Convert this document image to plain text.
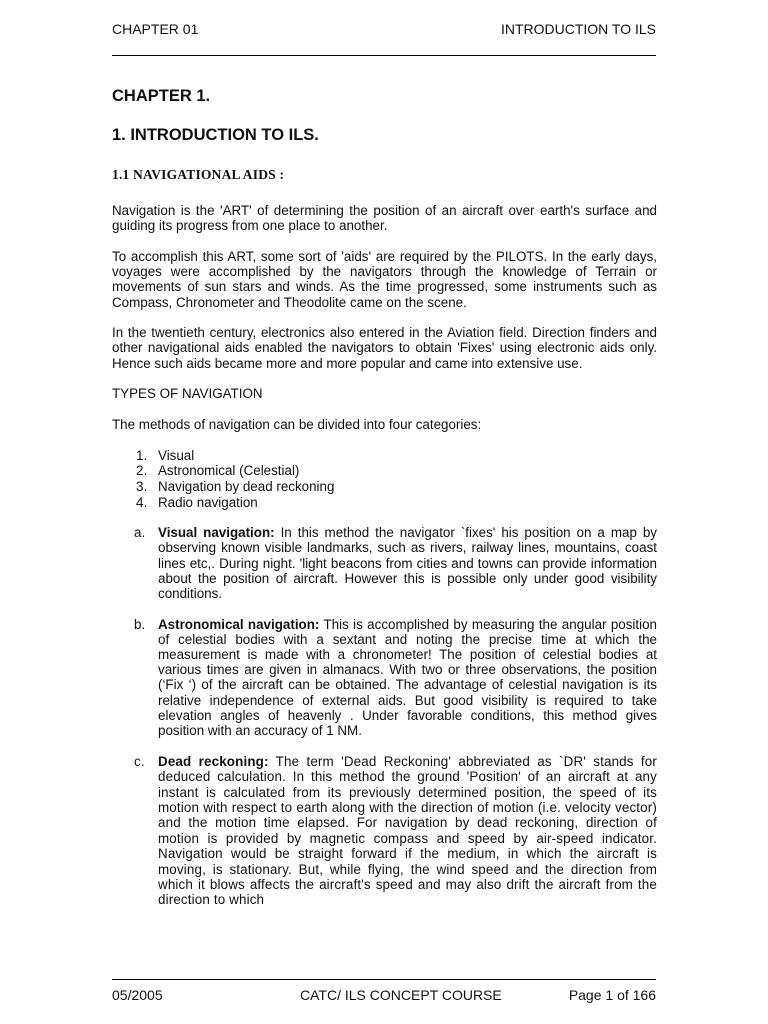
CHAPTER 01	INTRODUCTION TO ILS
CHAPTER 1.
1. INTRODUCTION TO ILS.
1.1 NAVIGATIONAL AIDS :

Navigation is the 'ART' of determining the position of an aircraft over earth's surface and guiding its progress from one place to another.

To accomplish this ART, some sort of 'aids' are required by the PILOTS. In the early days, voyages were accomplished by the navigators through the knowledge of Terrain or movements of sun stars and winds. As the time progressed, some instruments such as Compass, Chronometer and Theodolite came on the scene.

In the twentieth century, electronics also entered in the Aviation field. Direction finders and other navigational aids enabled the navigators to obtain 'Fixes' using electronic aids only. Hence such aids became more and more popular and came into extensive use.

TYPES OF NAVIGATION

The methods of navigation can be divided into four categories:

1. Visual
2. Astronomical (Celestial)
3. Navigation by dead reckoning
4. Radio navigation
a. Visual navigation: In this method the navigator `fixes' his position on a map by observing known visible landmarks, such as rivers, railway lines, mountains, coast lines etc,. During night. 'light beacons from cities and towns can provide information about the position of aircraft. However this is possible only under good visibility conditions.
b. Astronomical navigation: This is accomplished by measuring the angular position of celestial bodies with a sextant and noting the precise time at which the measurement is made with a chronometer! The position of celestial bodies at various times are given in almanacs. With two or three observations, the position (‘Fix ‘) of the aircraft can be obtained. The advantage of celestial navigation is its relative independence of external aids. But good visibility is required to take elevation angles of heavenly . Under favorable conditions, this method gives position with an accuracy of 1 NM.
c. Dead reckoning: The term 'Dead Reckoning' abbreviated as `DR' stands for deduced calculation. In this method the ground 'Position' of an aircraft at any instant is calculated from its previously determined position, the speed of its motion with respect to earth along with the direction of motion (i.e. velocity vector) and the motion time elapsed. For navigation by dead reckoning, direction of motion is provided by magnetic compass and speed by air-speed indicator. Navigation would be straight forward if the medium, in which the aircraft is moving, is stationary. But, while flying, the wind speed and the direction from which it blows affects the aircraft's speed and may also drift the aircraft from the direction to which
05/2005	CATC/ ILS CONCEPT COURSE	Page 1 of 166
